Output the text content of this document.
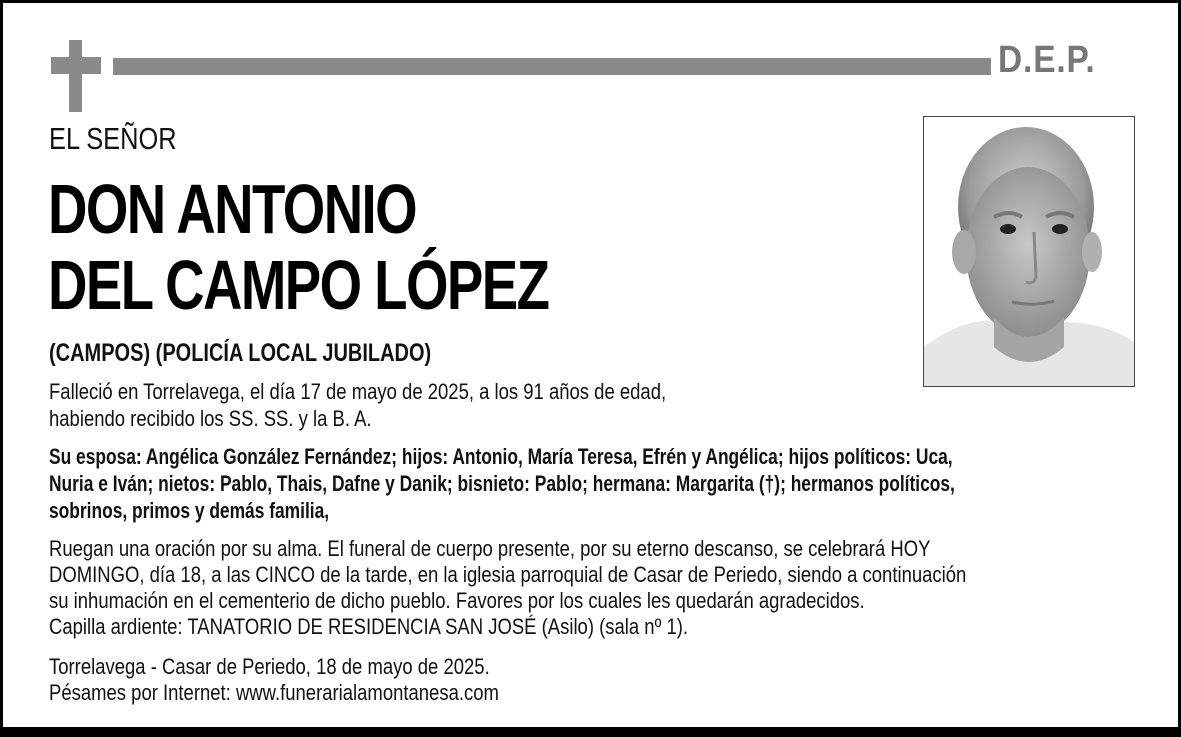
D.E.P.
EL SEÑOR
DON ANTONIO
DEL CAMPO LÓPEZ
(CAMPOS) (POLICÍA LOCAL JUBILADO)
Falleció en Torrelavega, el día 17 de mayo de 2025, a los 91 años de edad,
habiendo recibido los SS. SS. y la B. A.
Su esposa: Angélica González Fernández; hijos: Antonio, María Teresa, Efrén y Angélica; hijos políticos: Uca,
Nuria e Iván; nietos: Pablo, Thais, Dafne y Danik; bisnieto: Pablo; hermana: Margarita (†); hermanos políticos,
sobrinos, primos y demás familia,
Ruegan una oración por su alma. El funeral de cuerpo presente, por su eterno descanso, se celebrará HOY
DOMINGO, día 18, a las CINCO de la tarde, en la iglesia parroquial de Casar de Periedo, siendo a continuación
su inhumación en el cementerio de dicho pueblo. Favores por los cuales les quedarán agradecidos.
Capilla ardiente: TANATORIO DE RESIDENCIA SAN JOSÉ (Asilo) (sala nº 1).
Torrelavega - Casar de Periedo, 18 de mayo de 2025.
Pésames por Internet: www.funerarialamontanesa.com
